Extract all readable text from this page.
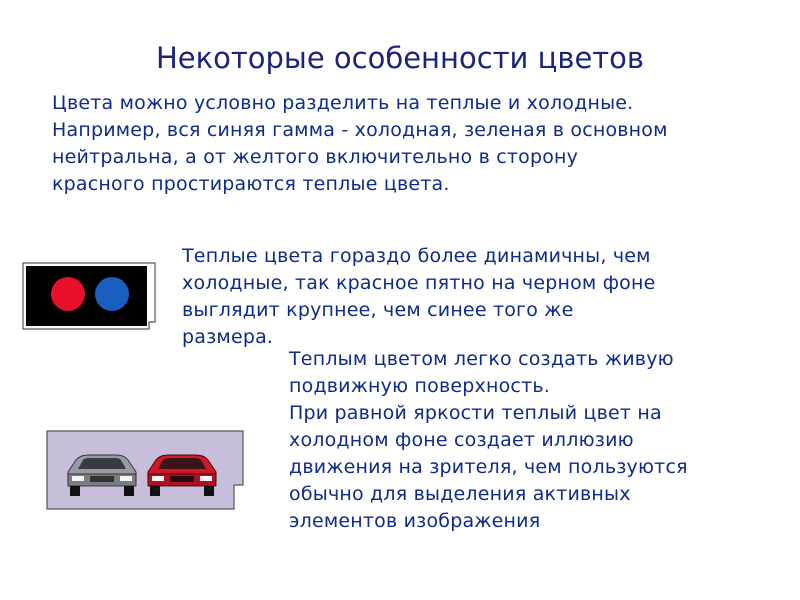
Некоторые особенности цветов
Цвета можно условно разделить на теплые и холодные.
Например, вся синяя гамма - холодная, зеленая в основном
нейтральна, а от желтого включительно в сторону
красного простираются теплые цвета.
Теплые цвета гораздо более динамичны, чем
холодные, так красное пятно на черном фоне
выглядит крупнее, чем синее того же
размера.
Теплым цветом легко создать живую
подвижную поверхность.
При равной яркости теплый цвет на
холодном фоне создает иллюзию
движения на зрителя, чем пользуются
обычно для выделения активных
элементов изображения
